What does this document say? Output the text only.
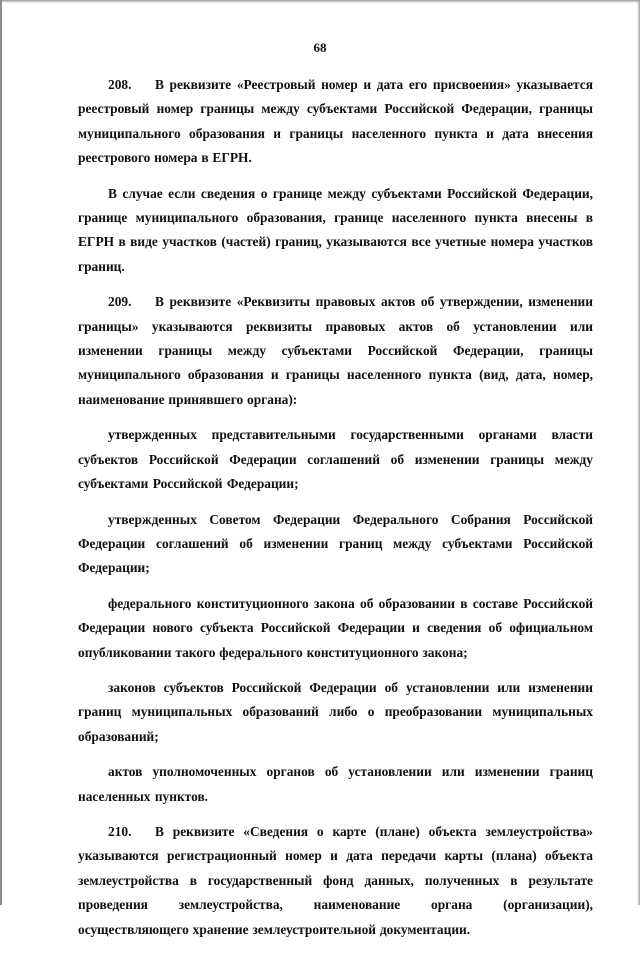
68

208. В реквизите «Реестровый номер и дата его присвоения» указывается реестровый номер границы между субъектами Российской Федерации, границы муниципального образования и границы населенного пункта и дата внесения реестрового номера в ЕГРН.

В случае если сведения о границе между субъектами Российской Федерации, границе муниципального образования, границе населенного пункта внесены в ЕГРН в виде участков (частей) границ, указываются все учетные номера участков границ.

209. В реквизите «Реквизиты правовых актов об утверждении, изменении границы» указываются реквизиты правовых актов об установлении или изменении границы между субъектами Российской Федерации, границы муниципального образования и границы населенного пункта (вид, дата, номер, наименование принявшего органа):

утвержденных представительными государственными органами власти субъектов Российской Федерации соглашений об изменении границы между субъектами Российской Федерации;

утвержденных Советом Федерации Федерального Собрания Российской Федерации соглашений об изменении границ между субъектами Российской Федерации;

федерального конституционного закона об образовании в составе Российской Федерации нового субъекта Российской Федерации и сведения об официальном опубликовании такого федерального конституционного закона;

законов субъектов Российской Федерации об установлении или изменении границ муниципальных образований либо о преобразовании муниципальных образований;

актов уполномоченных органов об установлении или изменении границ населенных пунктов.

210. В реквизите «Сведения о карте (плане) объекта землеустройства» указываются регистрационный номер и дата передачи карты (плана) объекта землеустройства в государственный фонд данных, полученных в результате проведения землеустройства, наименование органа (организации), осуществляющего хранение землеустроительной документации.
